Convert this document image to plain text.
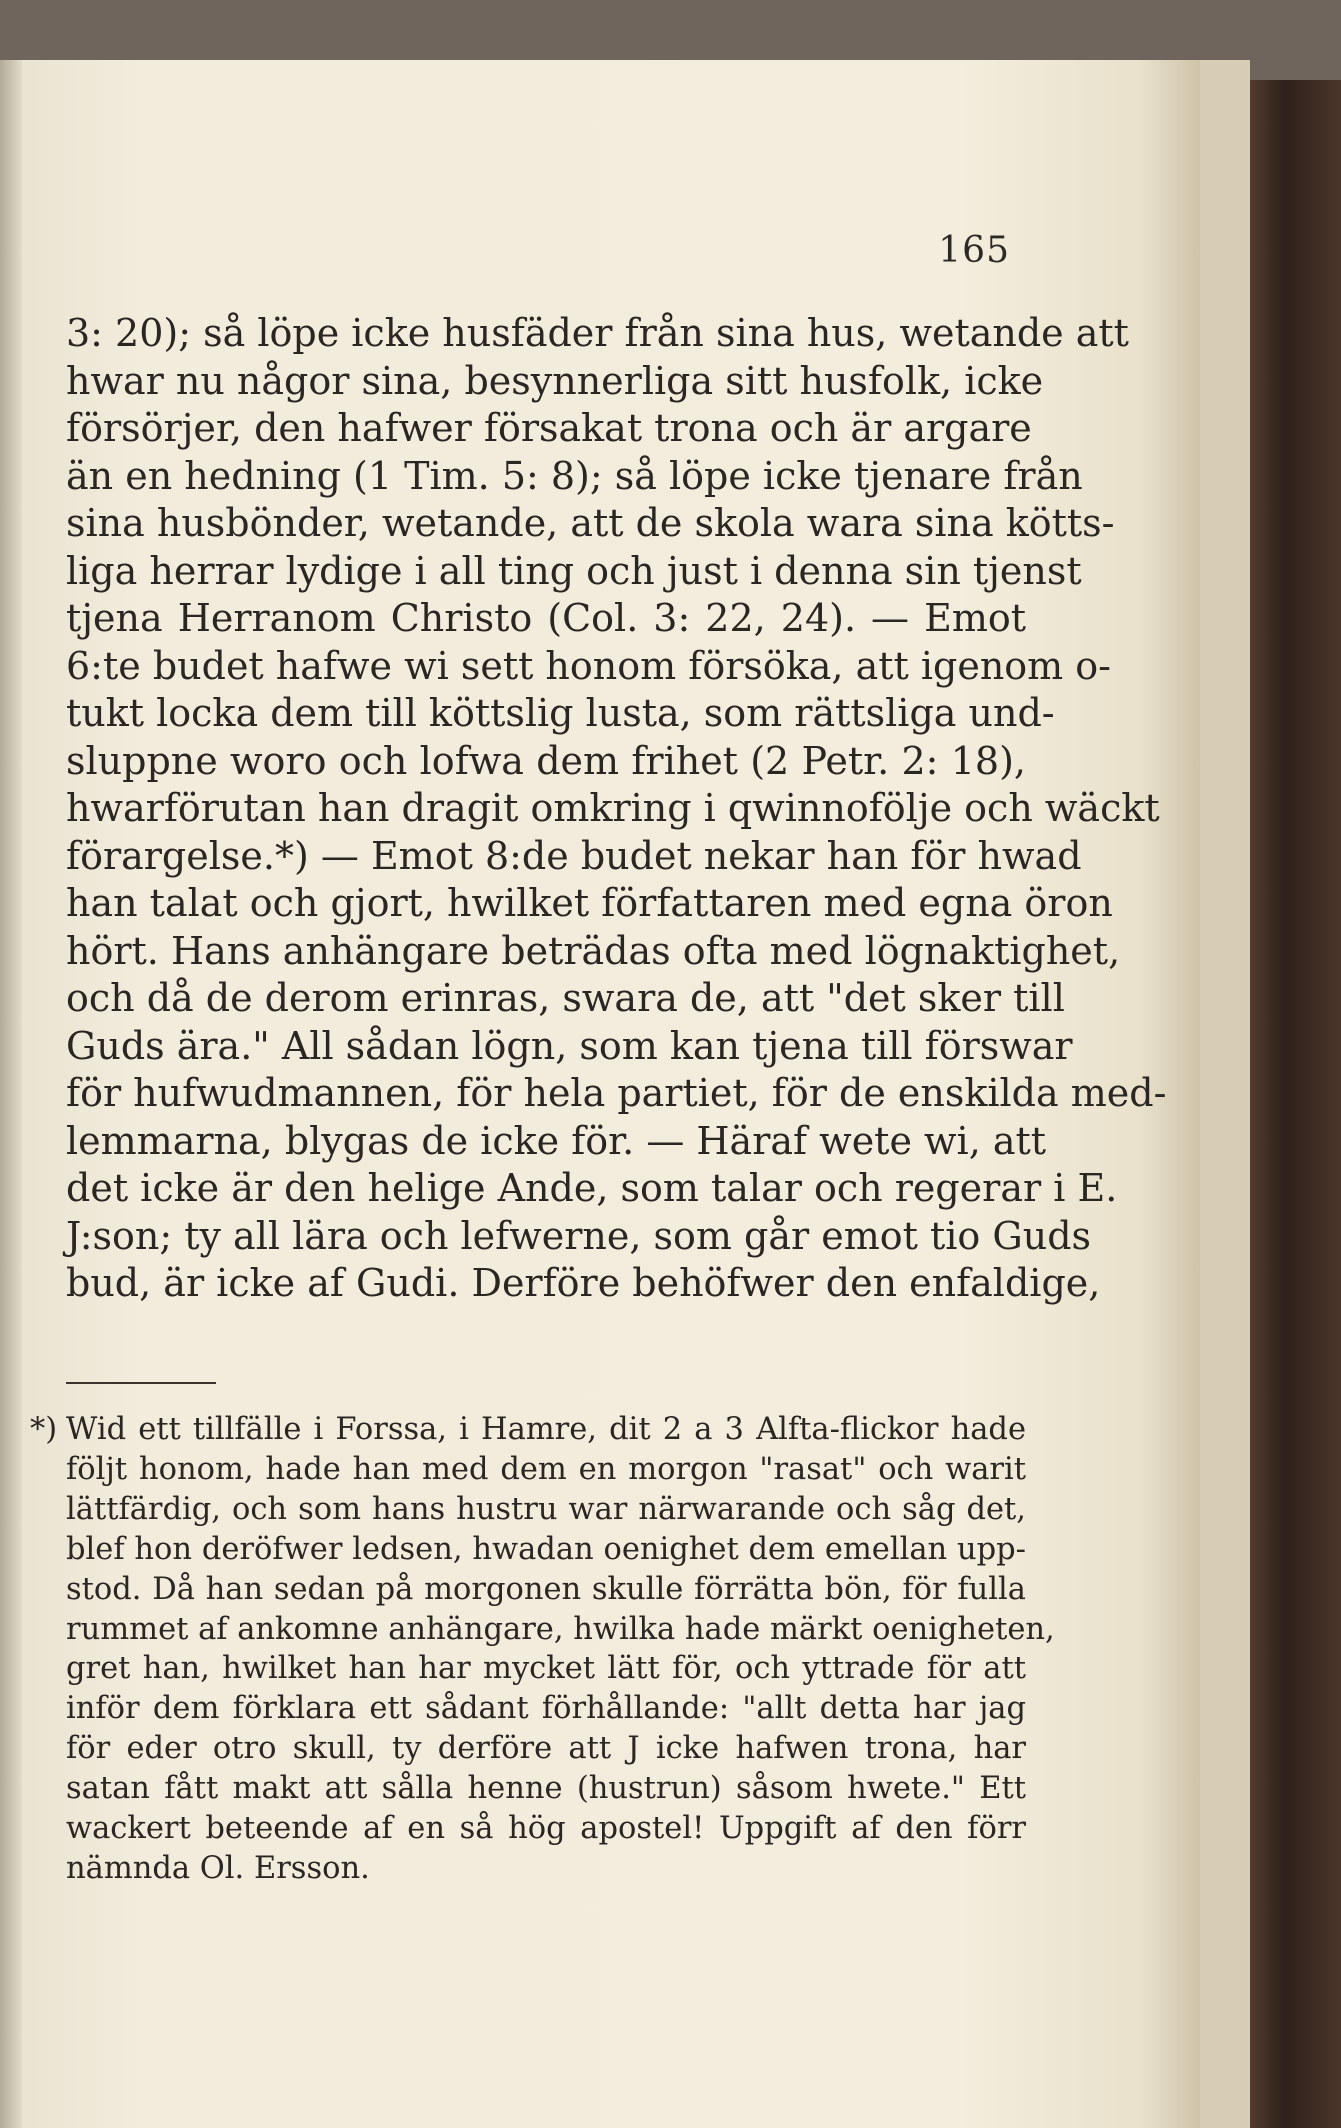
165
3: 20); så löpe icke husfäder från sina hus, wetande att
hwar nu någor sina, besynnerliga sitt husfolk, icke
försörjer, den hafwer försakat trona och är argare
än en hedning (1 Tim. 5: 8); så löpe icke tjenare från
sina husbönder, wetande, att de skola wara sina kötts-
liga herrar lydige i all ting och just i denna sin tjenst
tjena Herranom Christo (Col. 3: 22, 24). — Emot
6:te budet hafwe wi sett honom försöka, att igenom o-
tukt locka dem till köttslig lusta, som rättsliga und-
sluppne woro och lofwa dem frihet (2 Petr. 2: 18),
hwarförutan han dragit omkring i qwinnofölje och wäckt
förargelse.*) — Emot 8:de budet nekar han för hwad
han talat och gjort, hwilket författaren med egna öron
hört. Hans anhängare beträdas ofta med lögnaktighet,
och då de derom erinras, swara de, att "det sker till
Guds ära." All sådan lögn, som kan tjena till förswar
för hufwudmannen, för hela partiet, för de enskilda med-
lemmarna, blygas de icke för. — Häraf wete wi, att
det icke är den helige Ande, som talar och regerar i E.
J:son; ty all lära och lefwerne, som går emot tio Guds
bud, är icke af Gudi. Derföre behöfwer den enfaldige,
*) Wid ett tillfälle i Forssa, i Hamre, dit 2 a 3 Alfta-flickor hade
följt honom, hade han med dem en morgon "rasat" och warit
lättfärdig, och som hans hustru war närwarande och såg det,
blef hon deröfwer ledsen, hwadan oenighet dem emellan upp-
stod. Då han sedan på morgonen skulle förrätta bön, för fulla
rummet af ankomne anhängare, hwilka hade märkt oenigheten,
gret han, hwilket han har mycket lätt för, och yttrade för att
inför dem förklara ett sådant förhållande: "allt detta har jag
för eder otro skull, ty derföre att J icke hafwen trona, har
satan fått makt att sålla henne (hustrun) såsom hwete." Ett
wackert beteende af en så hög apostel! Uppgift af den förr
nämnda Ol. Ersson.
